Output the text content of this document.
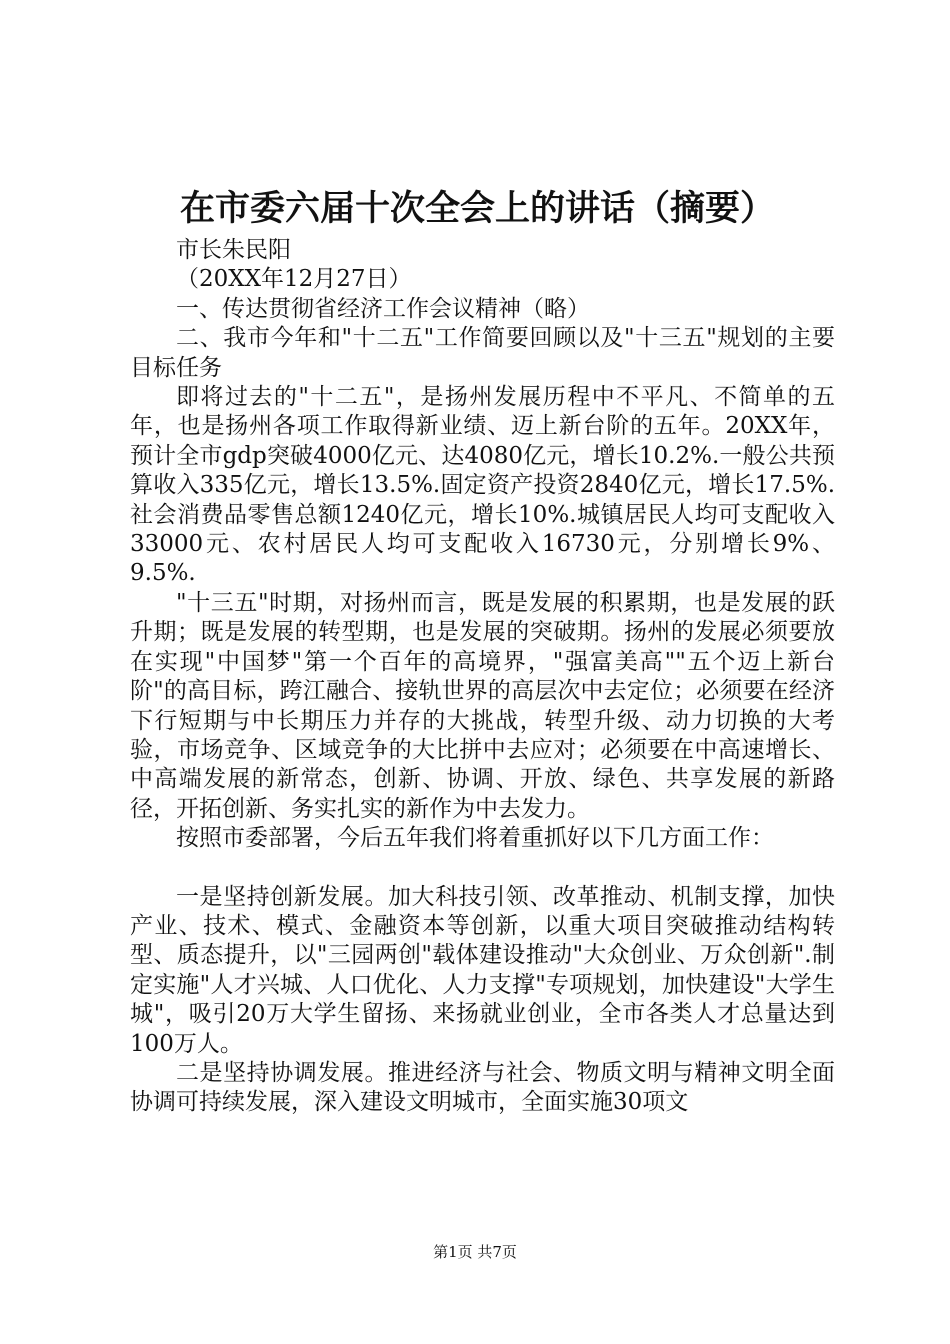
在市委六届十次全会上的讲话（摘要）

市长朱民阳

（20XX年12月27日）

一、传达贯彻省经济工作会议精神（略）

二、我市今年和"十二五"工作简要回顾以及"十三五"规划的主要目标任务

即将过去的"十二五"，是扬州发展历程中不平凡、不简单的五年，也是扬州各项工作取得新业绩、迈上新台阶的五年。20XX年，预计全市gdp突破4000亿元、达4080亿元，增长10.2%.一般公共预算收入335亿元，增长13.5%.固定资产投资2840亿元，增长17.5%.社会消费品零售总额1240亿元，增长10%.城镇居民人均可支配收入33000元、农村居民人均可支配收入16730元，分别增长9%、9.5%.

"十三五"时期，对扬州而言，既是发展的积累期，也是发展的跃升期；既是发展的转型期，也是发展的突破期。扬州的发展必须要放在实现"中国梦"第一个百年的高境界，"强富美高""五个迈上新台阶"的高目标，跨江融合、接轨世界的高层次中去定位；必须要在经济下行短期与中长期压力并存的大挑战，转型升级、动力切换的大考验，市场竞争、区域竞争的大比拼中去应对；必须要在中高速增长、中高端发展的新常态，创新、协调、开放、绿色、共享发展的新路径，开拓创新、务实扎实的新作为中去发力。

按照市委部署，今后五年我们将着重抓好以下几方面工作：

一是坚持创新发展。加大科技引领、改革推动、机制支撑，加快产业、技术、模式、金融资本等创新，以重大项目突破推动结构转型、质态提升，以"三园两创"载体建设推动"大众创业、万众创新".制定实施"人才兴城、人口优化、人力支撑"专项规划，加快建设"大学生城"，吸引20万大学生留扬、来扬就业创业，全市各类人才总量达到100万人。

二是坚持协调发展。推进经济与社会、物质文明与精神文明全面协调可持续发展，深入建设文明城市，全面实施30项文

第1页 共7页
